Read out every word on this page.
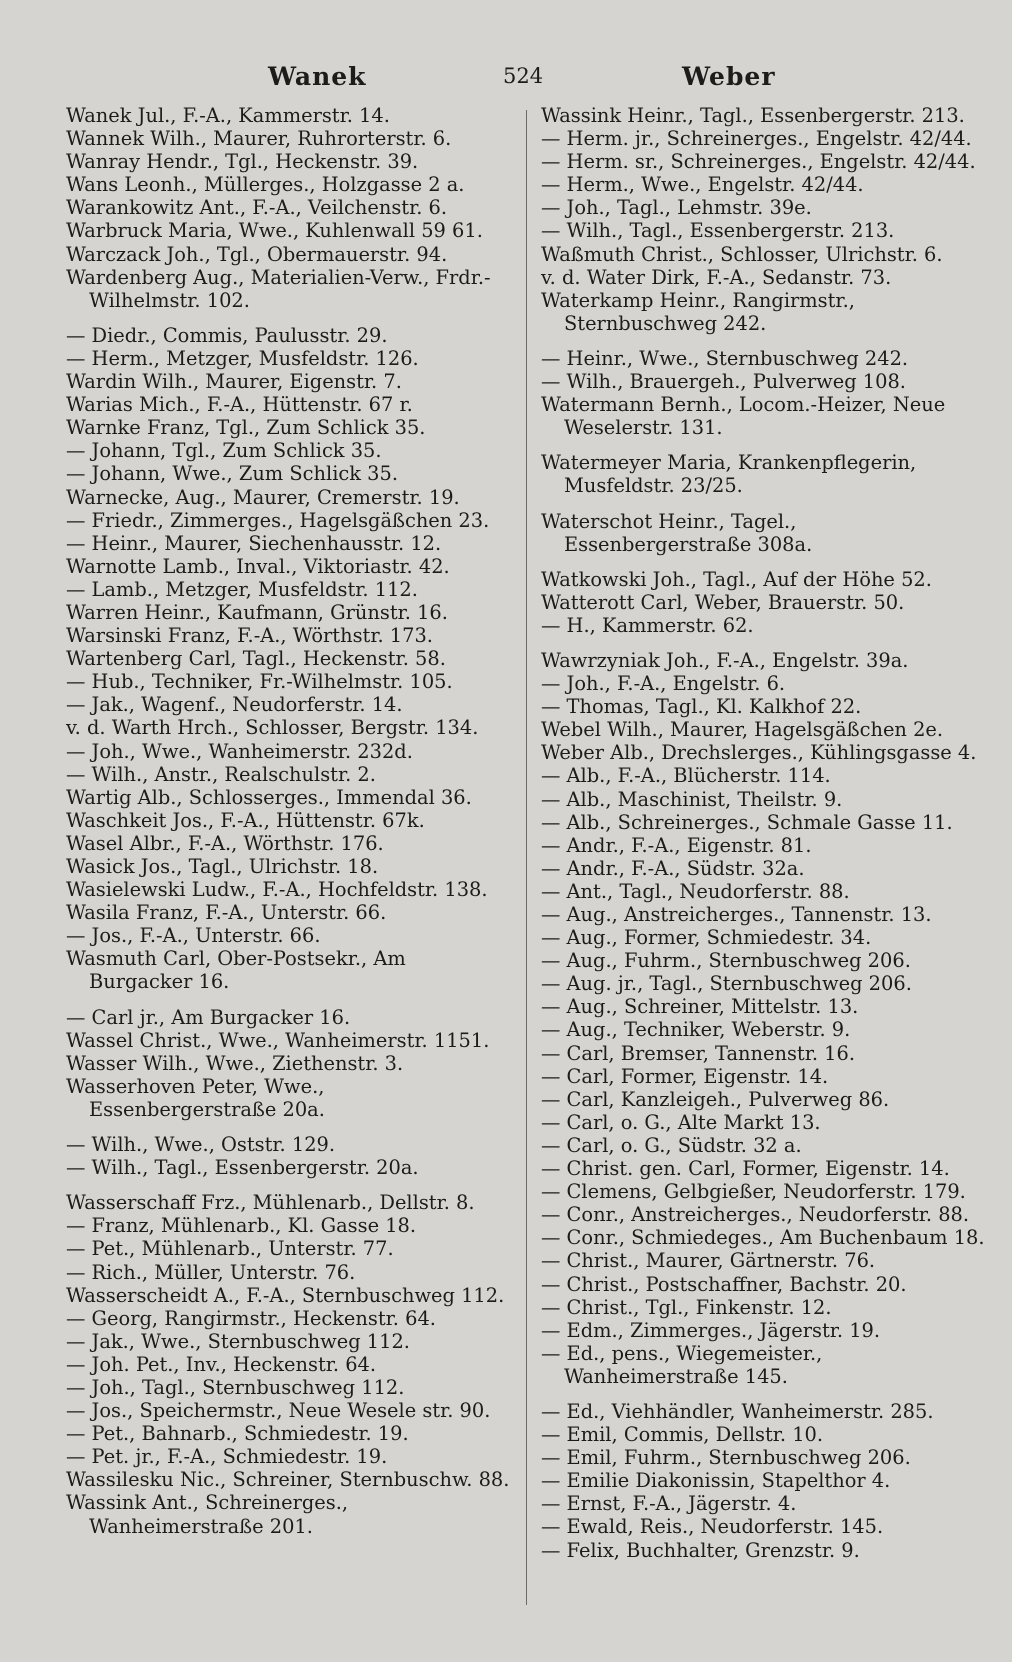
Wanek	524	Weber

Wanek Jul., F.-A., Kammerstr. 14.

Wannek Wilh., Maurer, Ruhrorterstr. 6.

Wanray Hendr., Tgl., Heckenstr. 39.

Wans Leonh., Müllerges., Holzgasse 2 a.

Warankowitz Ant., F.-A., Veilchenstr. 6.

Warbruck Maria, Wwe., Kuhlenwall 59 61.

Warczack Joh., Tgl., Obermauerstr. 94.

Wardenberg Aug., Materialien-Verw., Frdr.-Wilhelmstr. 102.

— Diedr., Commis, Paulusstr. 29.

— Herm., Metzger, Musfeldstr. 126.

Wardin Wilh., Maurer, Eigenstr. 7.

Warias Mich., F.-A., Hüttenstr. 67 r.

Warnke Franz, Tgl., Zum Schlick 35.

— Johann, Tgl., Zum Schlick 35.

— Johann, Wwe., Zum Schlick 35.

Warnecke, Aug., Maurer, Cremerstr. 19.

— Friedr., Zimmerges., Hagelsgäßchen 23.

— Heinr., Maurer, Siechenhausstr. 12.

Warnotte Lamb., Inval., Viktoriastr. 42.

— Lamb., Metzger, Musfeldstr. 112.

Warren Heinr., Kaufmann, Grünstr. 16.

Warsinski Franz, F.-A., Wörthstr. 173.

Wartenberg Carl, Tagl., Heckenstr. 58.

— Hub., Techniker, Fr.-Wilhelmstr. 105.

— Jak., Wagenf., Neudorferstr. 14.

v. d. Warth Hrch., Schlosser, Bergstr. 134.

— Joh., Wwe., Wanheimerstr. 232d.

— Wilh., Anstr., Realschulstr. 2.

Wartig Alb., Schlosserges., Immendal 36.

Waschkeit Jos., F.-A., Hüttenstr. 67k.

Wasel Albr., F.-A., Wörthstr. 176.

Wasick Jos., Tagl., Ulrichstr. 18.

Wasielewski Ludw., F.-A., Hochfeldstr. 138.

Wasila Franz, F.-A., Unterstr. 66.

— Jos., F.-A., Unterstr. 66.

Wasmuth Carl, Ober-Postsekr., Am Burgacker 16.

— Carl jr., Am Burgacker 16.

Wassel Christ., Wwe., Wanheimerstr. 1151.

Wasser Wilh., Wwe., Ziethenstr. 3.

Wasserhoven Peter, Wwe., Essenbergerstraße 20a.

— Wilh., Wwe., Oststr. 129.

— Wilh., Tagl., Essenbergerstr. 20a.

Wasserschaff Frz., Mühlenarb., Dellstr. 8.

— Franz, Mühlenarb., Kl. Gasse 18.

— Pet., Mühlenarb., Unterstr. 77.

— Rich., Müller, Unterstr. 76.

Wasserscheidt A., F.-A., Sternbuschweg 112.

— Georg, Rangirmstr., Heckenstr. 64.

— Jak., Wwe., Sternbuschweg 112.

— Joh. Pet., Inv., Heckenstr. 64.

— Joh., Tagl., Sternbuschweg 112.

— Jos., Speichermstr., Neue Wesele str. 90.

— Pet., Bahnarb., Schmiedestr. 19.

— Pet. jr., F.-A., Schmiedestr. 19.

Wassilesku Nic., Schreiner, Sternbuschw. 88.

Wassink Ant., Schreinerges., Wanheimerstraße 201.

Wassink Heinr., Tagl., Essenbergerstr. 213.

— Herm. jr., Schreinerges., Engelstr. 42/44.

— Herm. sr., Schreinerges., Engelstr. 42/44.

— Herm., Wwe., Engelstr. 42/44.

— Joh., Tagl., Lehmstr. 39e.

— Wilh., Tagl., Essenbergerstr. 213.

Waßmuth Christ., Schlosser, Ulrichstr. 6.

v. d. Water Dirk, F.-A., Sedanstr. 73.

Waterkamp Heinr., Rangirmstr., Sternbuschweg 242.

— Heinr., Wwe., Sternbuschweg 242.

— Wilh., Brauergeh., Pulverweg 108.

Watermann Bernh., Locom.-Heizer, Neue Weselerstr. 131.

Watermeyer Maria, Krankenpflegerin, Musfeldstr. 23/25.

Waterschot Heinr., Tagel., Essenbergerstraße 308a.

Watkowski Joh., Tagl., Auf der Höhe 52.

Watterott Carl, Weber, Brauerstr. 50.

— H., Kammerstr. 62.

Wawrzyniak Joh., F.-A., Engelstr. 39a.

— Joh., F.-A., Engelstr. 6.

— Thomas, Tagl., Kl. Kalkhof 22.

Webel Wilh., Maurer, Hagelsgäßchen 2e.

Weber Alb., Drechslerges., Kühlingsgasse 4.

— Alb., F.-A., Blücherstr. 114.

— Alb., Maschinist, Theilstr. 9.

— Alb., Schreinerges., Schmale Gasse 11.

— Andr., F.-A., Eigenstr. 81.

— Andr., F.-A., Südstr. 32a.

— Ant., Tagl., Neudorferstr. 88.

— Aug., Anstreicherges., Tannenstr. 13.

— Aug., Former, Schmiedestr. 34.

— Aug., Fuhrm., Sternbuschweg 206.

— Aug. jr., Tagl., Sternbuschweg 206.

— Aug., Schreiner, Mittelstr. 13.

— Aug., Techniker, Weberstr. 9.

— Carl, Bremser, Tannenstr. 16.

— Carl, Former, Eigenstr. 14.

— Carl, Kanzleigeh., Pulverweg 86.

— Carl, o. G., Alte Markt 13.

— Carl, o. G., Südstr. 32 a.

— Christ. gen. Carl, Former, Eigenstr. 14.

— Clemens, Gelbgießer, Neudorferstr. 179.

— Conr., Anstreicherges., Neudorferstr. 88.

— Conr., Schmiedeges., Am Buchenbaum 18.

— Christ., Maurer, Gärtnerstr. 76.

— Christ., Postschaffner, Bachstr. 20.

— Christ., Tgl., Finkenstr. 12.

— Edm., Zimmerges., Jägerstr. 19.

— Ed., pens., Wiegemeister., Wanheimerstraße 145.

— Ed., Viehhändler, Wanheimerstr. 285.

— Emil, Commis, Dellstr. 10.

— Emil, Fuhrm., Sternbuschweg 206.

— Emilie Diakonissin, Stapelthor 4.

— Ernst, F.-A., Jägerstr. 4.

— Ewald, Reis., Neudorferstr. 145.

— Felix, Buchhalter, Grenzstr. 9.
